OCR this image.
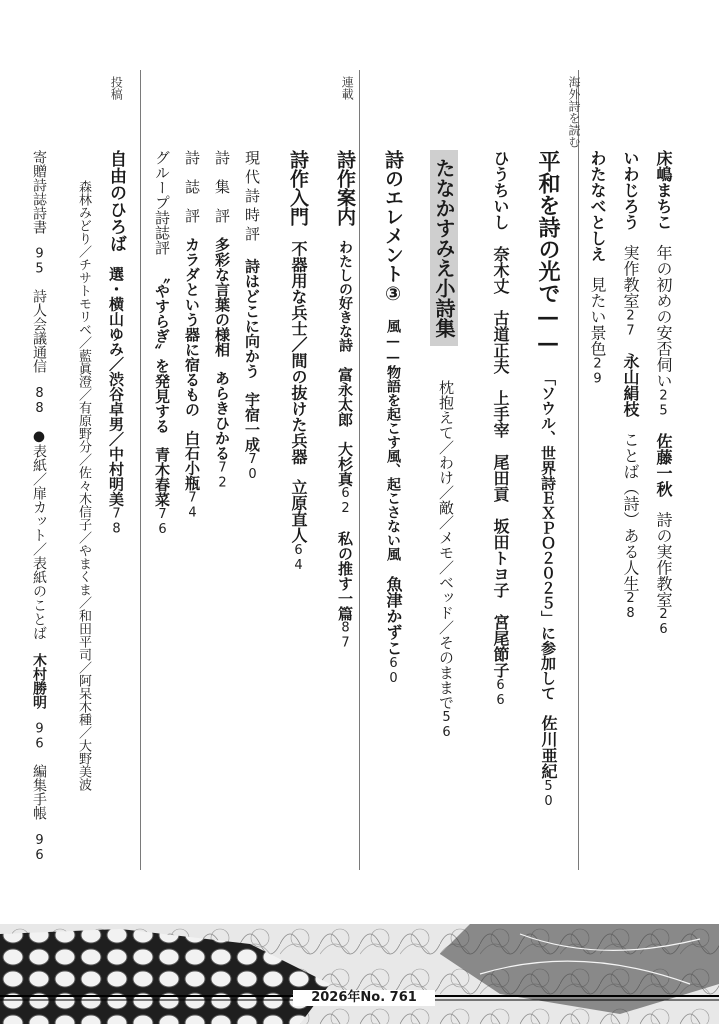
床嶋まちこ年の初めの安否伺い25佐藤一秋詩の実作教室26
いわじろう実作教室27永山絹枝ことば（詩）ある人生28
わたなべとしえ見たい景色29
海外詩を読む
平和を詩の光で——「ソウル、世界詩ＥＸＰＯ２０２５」に参加して佐川亜紀50
ひうちいし　奈木丈　古道正夫　上手宰　尾田貢　坂田トヨ子　宮尾節子66
たなかすみえ小詩集
枕抱えて／わけ／敵／メモ／ベッド／そのままで56
詩のエレメント③風——物語を起こす風、起こさない風魚津かずこ60
連載
詩作案内わたしの好きな詩富永太郎大杉真62私の推す一篇87
詩作入門不器用な兵士／間の抜けた兵器立原直人64
現代詩時評詩はどこに向かう宇宿一成70
詩集評多彩な言葉の様相あらきひかる72
詩誌評カラダという器に宿るもの白石小瓶74
グループ詩誌評〝やすらぎ〟を発見する青木春菜76
投稿
自由のひろば選・横山ゆみ／渋谷卓男／中村明美78
森林みどり／チサトモリベ／藍眞澄／有原野分／佐々木信子／やまくま／和田平司／阿呆木種／大野美波
寄贈詩誌詩書95詩人会議通信88●表紙／扉カット／表紙のことば木村勝明96編集手帳96
2026年No. 761
